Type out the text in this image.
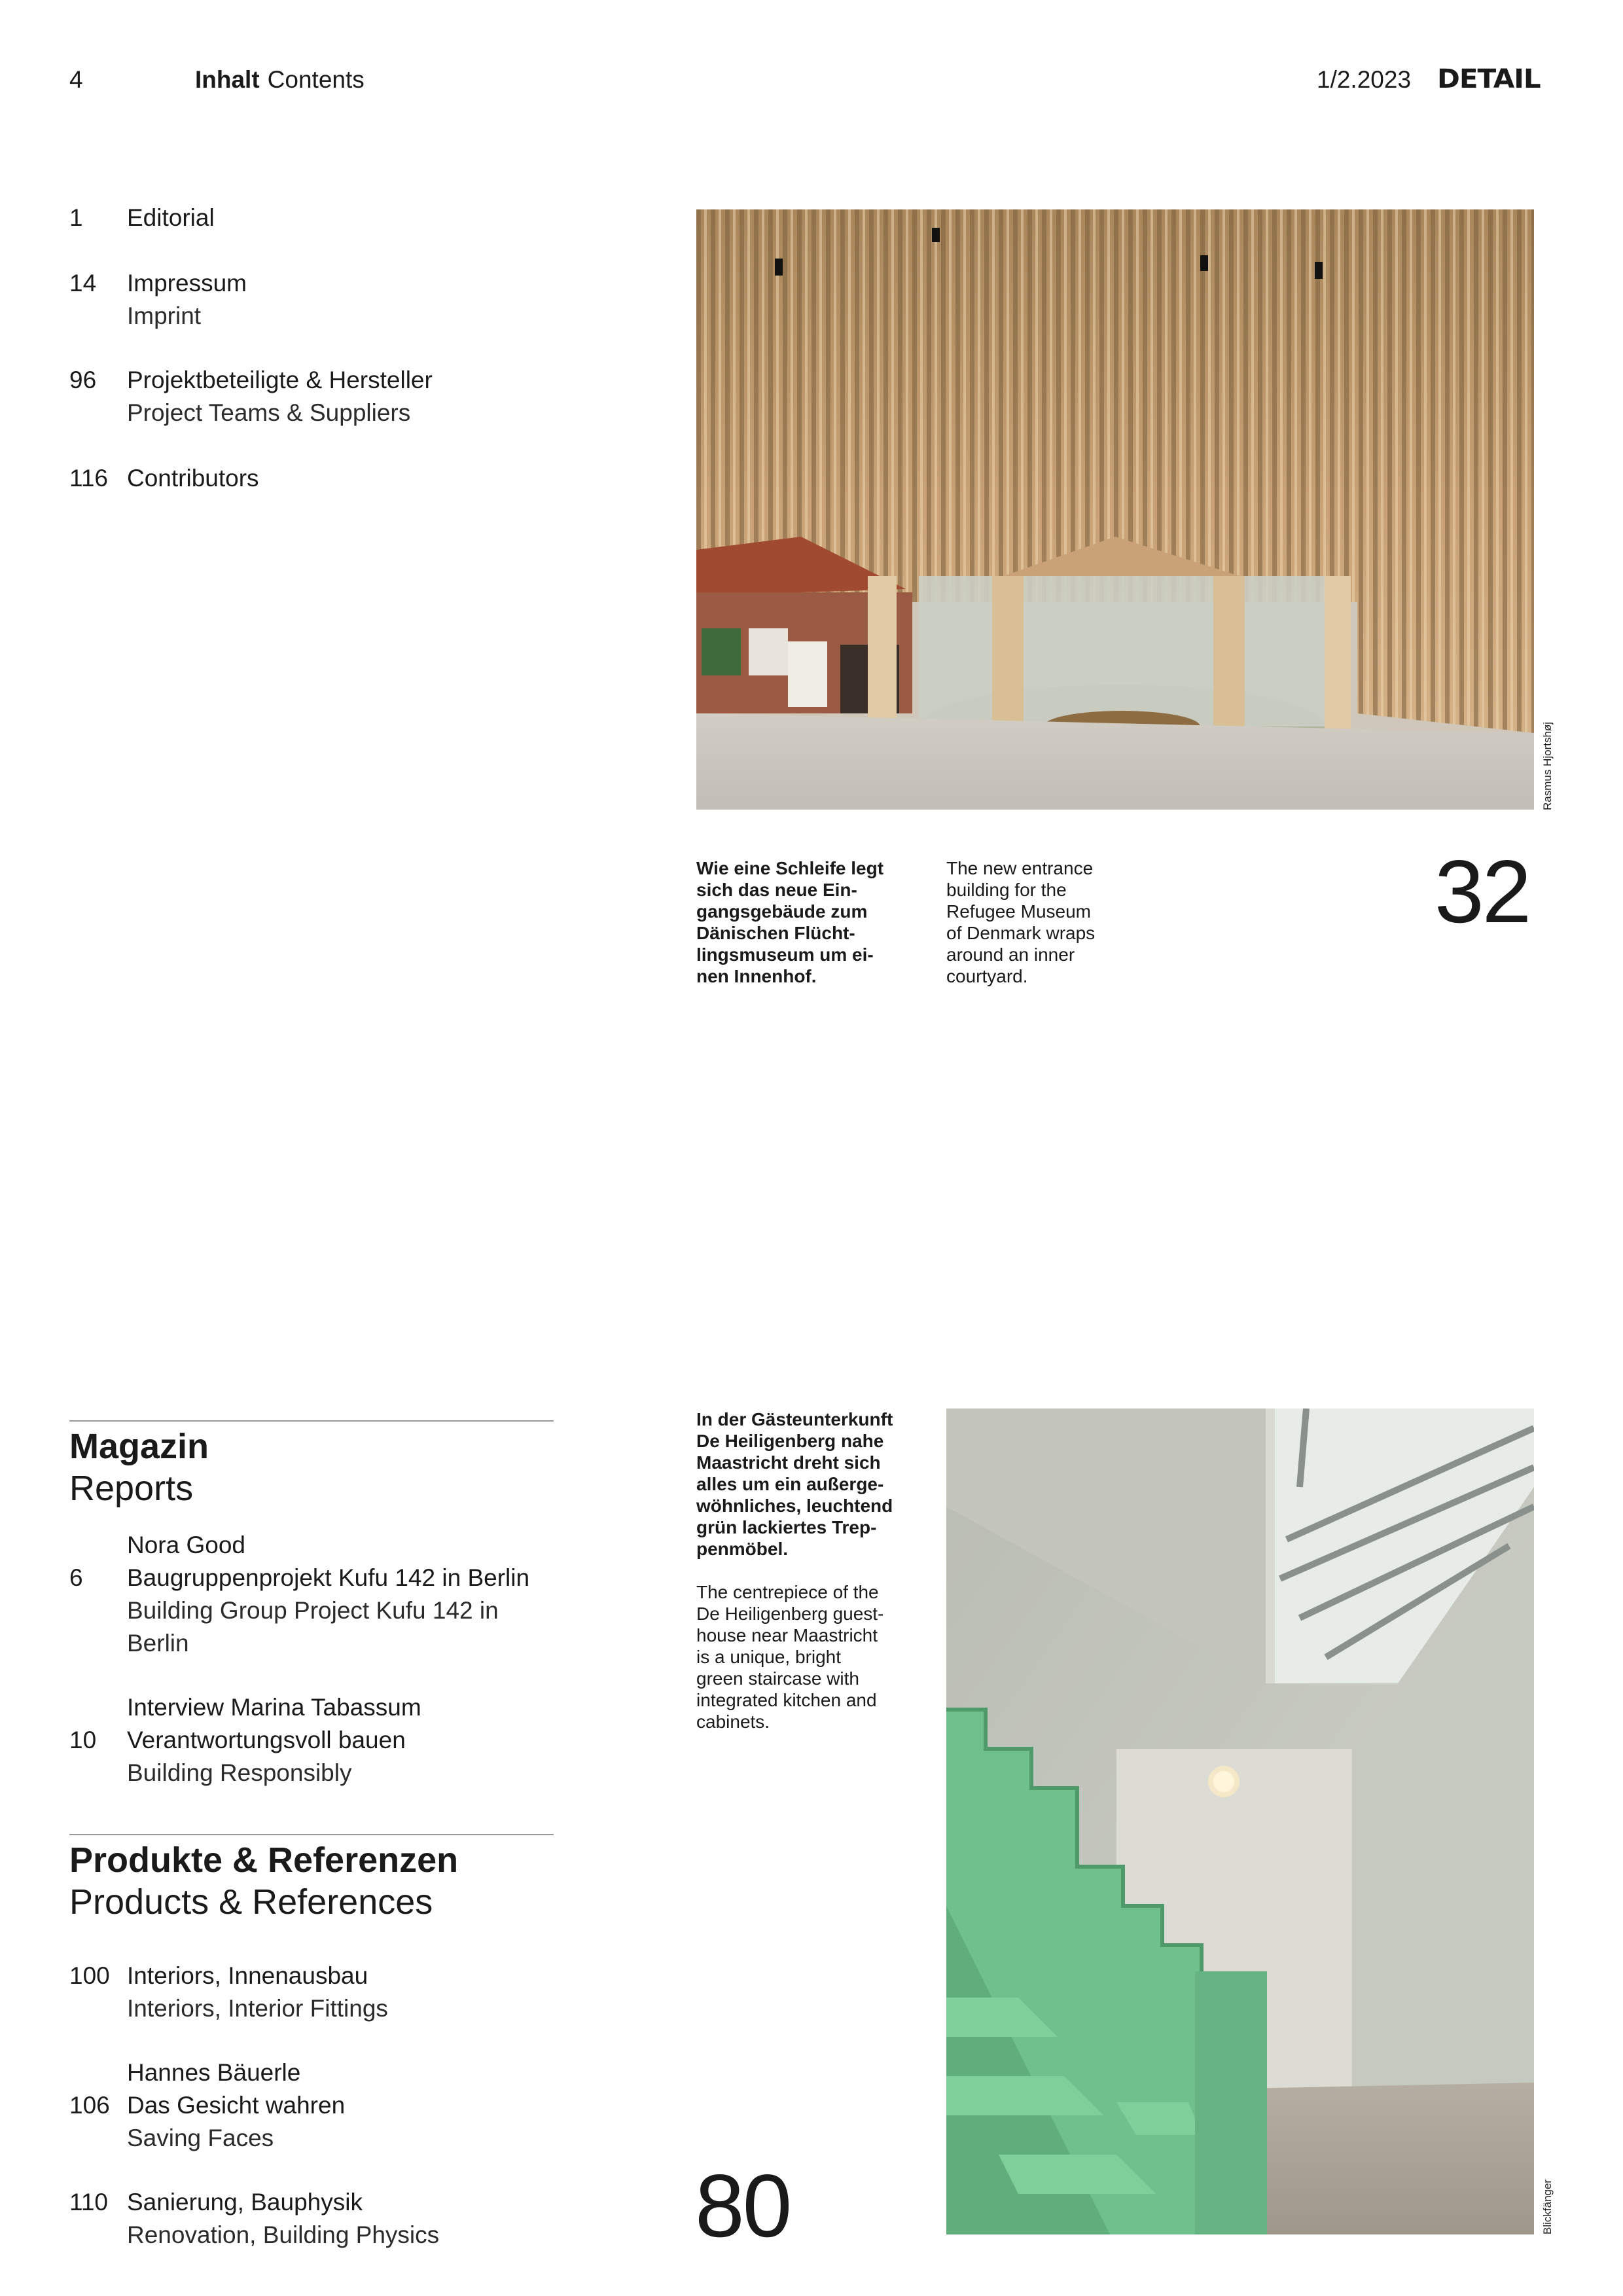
4	Inhalt Contents	1/2.2023 DETAIL
1	Editorial
14	Impressum
Imprint
96	Projektbeteiligte & Hersteller
Project Teams & Suppliers
116 Contributors
Rasmus Hjortshøj
Wie eine Schleife legt
sich das neue Ein-
gangsgebäude zum
Dänischen Flücht-
lingsmuseum um ei-
nen Innenhof.
The new entrance
building for the
Refugee Museum
of Denmark wraps
around an inner
courtyard.
32
Magazin
Reports
Nora Good
6	Baugruppenprojekt Kufu 142 in Berlin
Building Group Project Kufu 142 in
Berlin
Interview Marina Tabassum
10	Verantwortungsvoll bauen
Building Responsibly
Produkte & Referenzen
Products & References
100 Interiors, Innenausbau
Interiors, Interior Fittings
Hannes Bäuerle
106 Das Gesicht wahren
Saving Faces
110 Sanierung, Bauphysik
Renovation, Building Physics
In der Gästeunterkunft
De Heiligenberg nahe
Maastricht dreht sich
alles um ein außerge-
wöhnliches, leuchtend
grün lackiertes Trep-
penmöbel.
The centrepiece of the
De Heiligenberg guest-
house near Maastricht
is a unique, bright
green staircase with
integrated kitchen and
cabinets.
80	Blickfänger
